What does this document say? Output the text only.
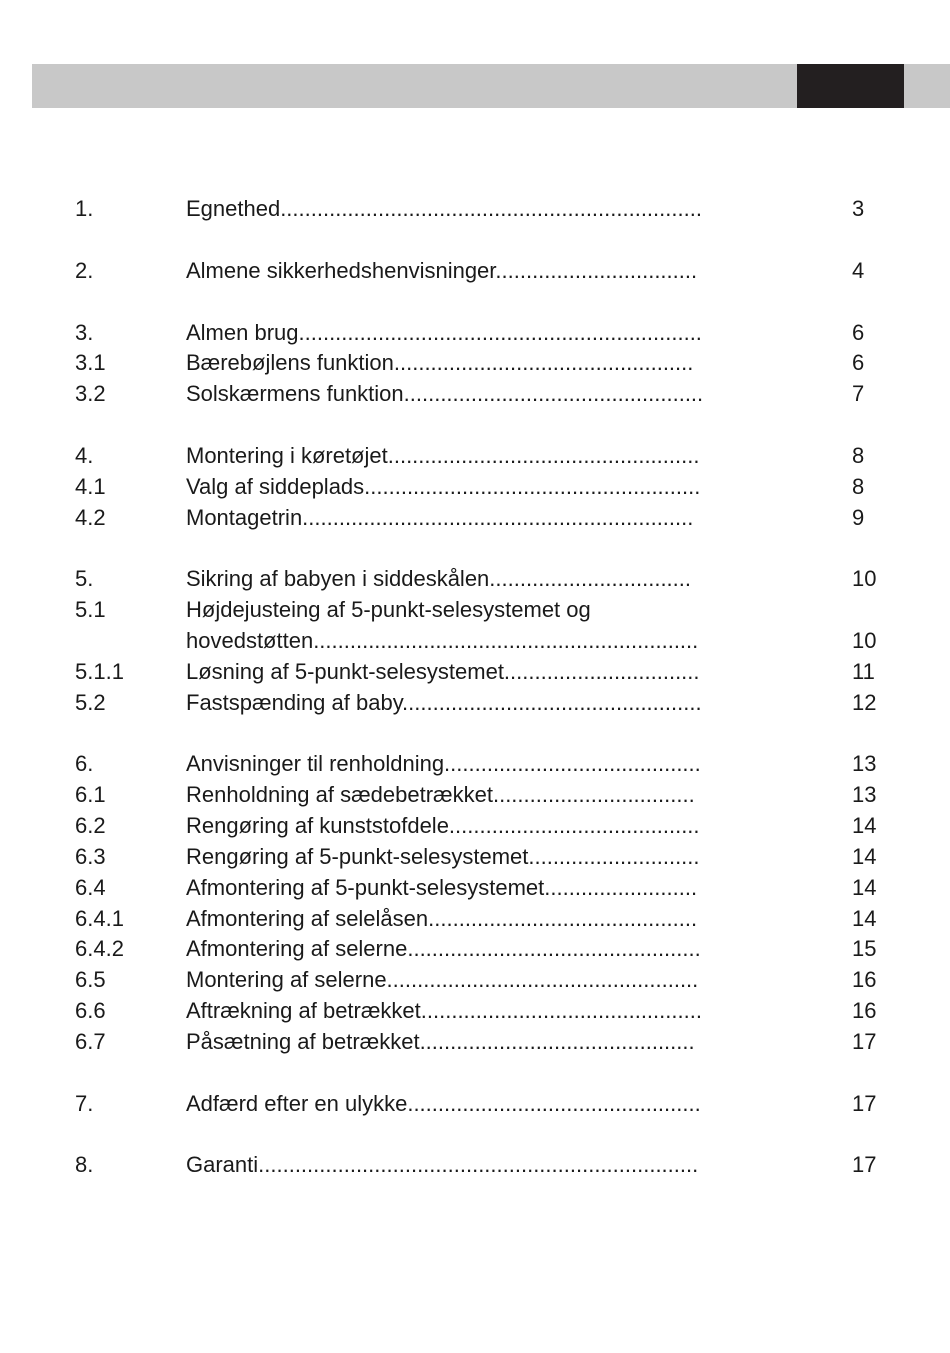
1.	Egnethed.....................................................................	3
2.	Almene sikkerhedshenvisninger.................................	4
3.	Almen brug..................................................................	6
3.1	Bærebøjlens funktion.................................................	6
3.2	Solskærmens funktion.................................................	7
4.	Montering i køretøjet...................................................	8
4.1	Valg af siddeplads.......................................................	8
4.2	Montagetrin................................................................	9
5.	Sikring af babyen i siddeskålen.................................	10
5.1	Højdejusteing af 5-punkt-selesystemet og
hovedstøtten...............................................................	10
5.1.1	Løsning af 5-punkt-selesystemet................................	11
5.2	Fastspænding af baby.................................................	12
6.	Anvisninger til renholdning..........................................	13
6.1	Renholdning af sædebetrækket.................................	13
6.2	Rengøring af kunststofdele.........................................	14
6.3	Rengøring af 5-punkt-selesystemet............................	14
6.4	Afmontering af 5-punkt-selesystemet.........................	14
6.4.1	Afmontering af selelåsen............................................	14
6.4.2	Afmontering af selerne................................................	15
6.5	Montering af selerne...................................................	16
6.6	Aftrækning af betrækket..............................................	16
6.7	Påsætning af betrækket.............................................	17
7.	Adfærd efter en ulykke................................................	17
8.	Garanti........................................................................	17
